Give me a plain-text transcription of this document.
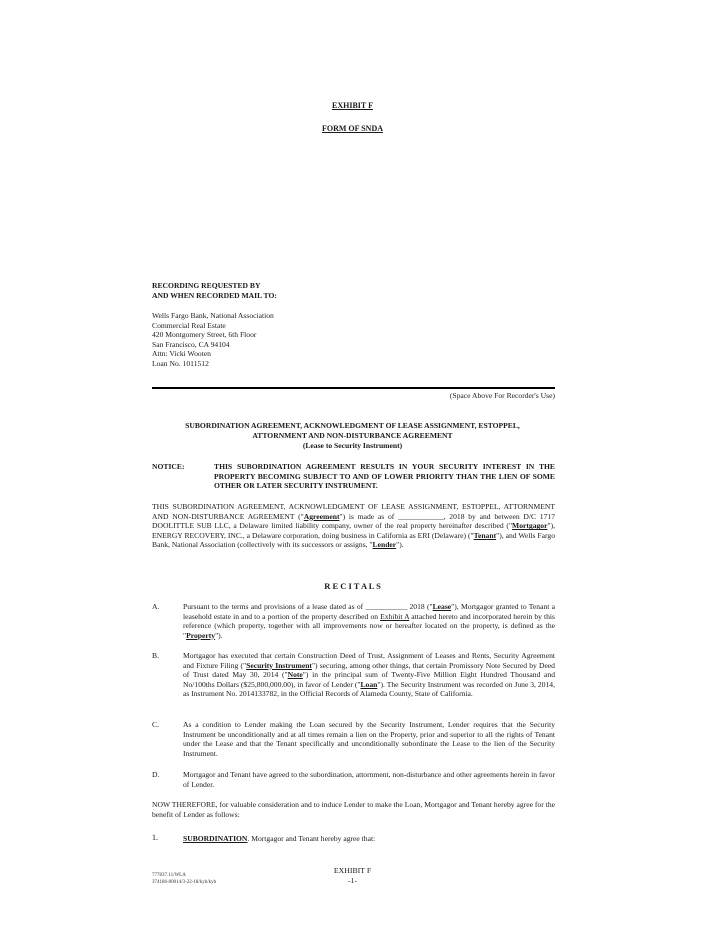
EXHIBIT F
FORM OF SNDA
RECORDING REQUESTED BY
AND WHEN RECORDED MAIL TO:
Wells Fargo Bank, National Association
Commercial Real Estate
420 Montgomery Street, 6th Floor
San Francisco, CA 94104
Attn: Vicki Wooten
Loan No. 1011512
(Space Above For Recorder's Use)
SUBORDINATION AGREEMENT, ACKNOWLEDGMENT OF LEASE ASSIGNMENT, ESTOPPEL,
ATTORNMENT AND NON-DISTURBANCE AGREEMENT
(Lease to Security Instrument)
NOTICE:	THIS SUBORDINATION AGREEMENT RESULTS IN YOUR SECURITY INTEREST IN THE PROPERTY BECOMING SUBJECT TO AND OF LOWER PRIORITY THAN THE LIEN OF SOME OTHER OR LATER SECURITY INSTRUMENT.
THIS SUBORDINATION AGREEMENT, ACKNOWLEDGMENT OF LEASE ASSIGNMENT, ESTOPPEL, ATTORNMENT AND NON-DISTURBANCE AGREEMENT ("Agreement") is made as of ____________, 2018 by and between D/C 1717 DOOLITTLE SUB LLC, a Delaware limited liability company, owner of the real property hereinafter described ("Mortgagor"), ENERGY RECOVERY, INC., a Delaware corporation, doing business in California as ERI (Delaware) ("Tenant"), and Wells Fargo Bank, National Association (collectively with its successors or assigns, "Lender").
R E C I T A L S
A.	Pursuant to the terms and provisions of a lease dated as of ___________ 2018 ("Lease"), Mortgagor granted to Tenant a leasehold estate in and to a portion of the property described on Exhibit A attached hereto and incorporated herein by this reference (which property, together with all improvements now or hereafter located on the property, is defined as the "Property").
B.	Mortgagor has executed that certain Construction Deed of Trust, Assignment of Leases and Rents, Security Agreement and Fixture Filing ("Security Instrument") securing, among other things, that certain Promissory Note Secured by Deed of Trust dated May 30, 2014 ("Note") in the principal sum of Twenty-Five Million Eight Hundred Thousand and No/100ths Dollars ($25,800,000.00), in favor of Lender ("Loan"). The Security Instrument was recorded on June 3, 2014, as Instrument No. 2014133782, in the Official Records of Alameda County, State of California.
C.	As a condition to Lender making the Loan secured by the Security Instrument, Lender requires that the Security Instrument be unconditionally and at all times remain a lien on the Property, prior and superior to all the rights of Tenant under the Lease and that the Tenant specifically and unconditionally subordinate the Lease to the lien of the Security Instrument.
D.	Mortgagor and Tenant have agreed to the subordination, attornment, non-disturbance and other agreements herein in favor of Lender.
NOW THEREFORE, for valuable consideration and to induce Lender to make the Loan, Mortgagor and Tenant hereby agree for the benefit of Lender as follows:
1.	SUBORDINATION. Mortgagor and Tenant hereby agree that:
777837.11/WLA
374186-00014/3-22-18/kyb/kyb
EXHIBIT F
-1-
